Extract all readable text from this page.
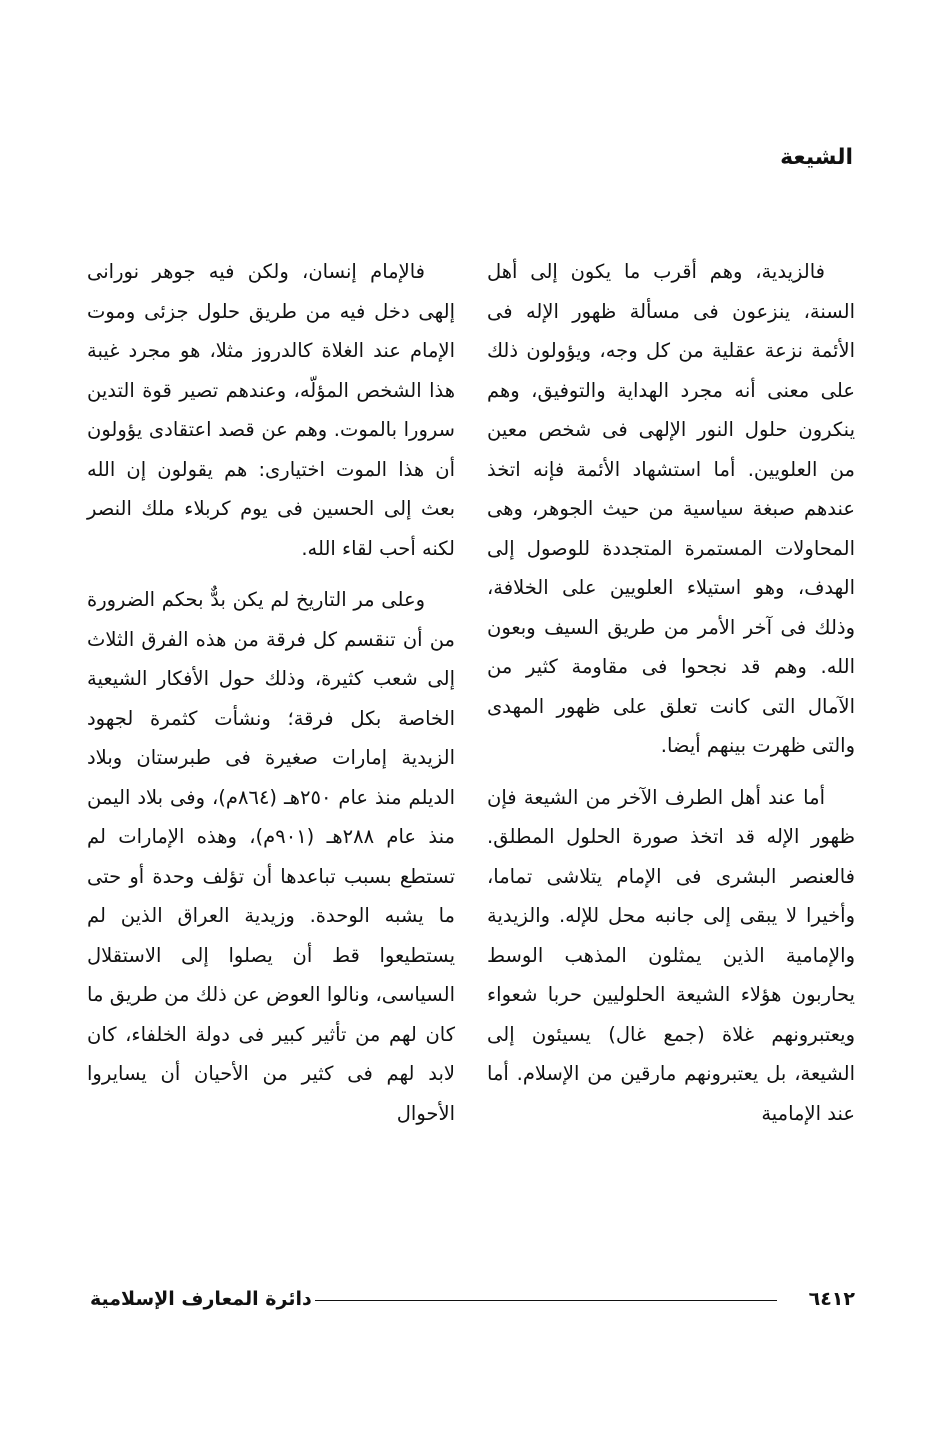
الشيعة

فالزيدية، وهم أقرب ما يكون إلى أهل السنة، ينزعون فى مسألة ظهور الإله فى الأئمة نزعة عقلية من كل وجه، ويؤولون ذلك على معنى أنه مجرد الهداية والتوفيق، وهم ينكرون حلول النور الإلهى فى شخص معين من العلويين. أما استشهاد الأئمة فإنه اتخذ عندهم صبغة سياسية من حيث الجوهر، وهى المحاولات المستمرة المتجددة للوصول إلى الهدف، وهو استيلاء العلويين على الخلافة، وذلك فى آخر الأمر من طريق السيف وبعون الله. وهم قد نجحوا فى مقاومة كثير من الآمال التى كانت تعلق على ظهور المهدى والتى ظهرت بينهم أيضا.

أما عند أهل الطرف الآخر من الشيعة فإن ظهور الإله قد اتخذ صورة الحلول المطلق. فالعنصر البشرى فى الإمام يتلاشى تماما، وأخيرا لا يبقى إلى جانبه محل للإله. والزيدية والإمامية الذين يمثلون المذهب الوسط يحاربون هؤلاء الشيعة الحلوليين حربا شعواء ويعتبرونهم غلاة (جمع غال) يسيئون إلى الشيعة، بل يعتبرونهم مارقين من الإسلام. أما عند الإمامية

فالإمام إنسان، ولكن فيه جوهر نورانى إلهى دخل فيه من طريق حلول جزئى وموت الإمام عند الغلاة كالدروز مثلا، هو مجرد غيبة هذا الشخص المؤلّه، وعندهم تصير قوة التدين سرورا بالموت. وهم عن قصد اعتقادى يؤولون أن هذا الموت اختيارى: هم يقولون إن الله بعث إلى الحسين فى يوم كربلاء ملك النصر لكنه أحب لقاء الله.

وعلى مر التاريخ لم يكن بدٌّ بحكم الضرورة من أن تنقسم كل فرقة من هذه الفرق الثلاث إلى شعب كثيرة، وذلك حول الأفكار الشيعية الخاصة بكل فرقة؛ ونشأت كثمرة لجهود الزيدية إمارات صغيرة فى طبرستان وبلاد الديلم منذ عام ٢٥٠هـ (٨٦٤م)، وفى بلاد اليمن منذ عام ٢٨٨هـ (٩٠١م)، وهذه الإمارات لم تستطع بسبب تباعدها أن تؤلف وحدة أو حتى ما يشبه الوحدة. وزيدية العراق الذين لم يستطيعوا قط أن يصلوا إلى الاستقلال السياسى، ونالوا العوض عن ذلك من طريق ما كان لهم من تأثير كبير فى دولة الخلفاء، كان لابد لهم فى كثير من الأحيان أن يسايروا الأحوال

٦٤١٢
دائرة المعارف الإسلامية
